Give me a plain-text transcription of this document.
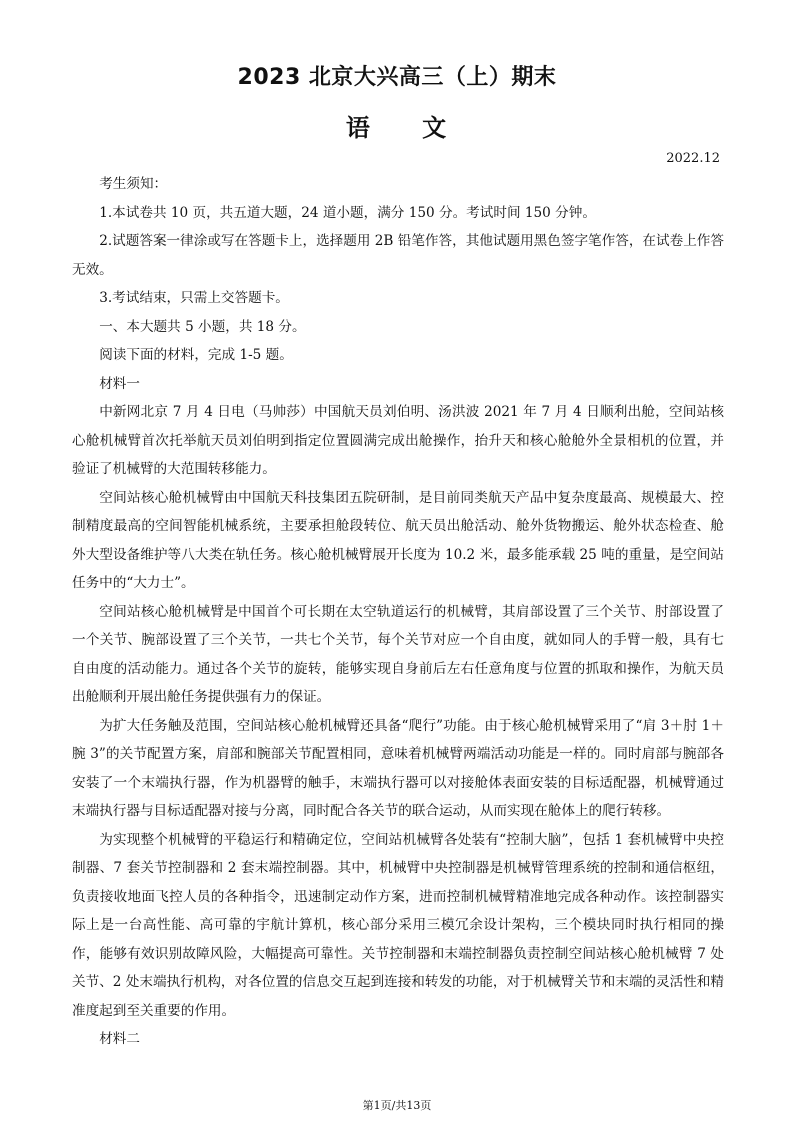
2023 北京大兴高三（上）期末
语 文
2022.12

考生须知：

1.本试卷共 10 页，共五道大题，24 道小题，满分 150 分。考试时间 150 分钟。

2.试题答案一律涂或写在答题卡上，选择题用 2B 铅笔作答，其他试题用黑色签字笔作答，在试卷上作答无效。

3.考试结束，只需上交答题卡。

一、本大题共 5 小题，共 18 分。

阅读下面的材料，完成 1-5 题。

材料一

中新网北京 7 月 4 日电（马帅莎）中国航天员刘伯明、汤洪波 2021 年 7 月 4 日顺利出舱，空间站核心舱机械臂首次托举航天员刘伯明到指定位置圆满完成出舱操作，抬升天和核心舱舱外全景相机的位置，并验证了机械臂的大范围转移能力。

空间站核心舱机械臂由中国航天科技集团五院研制，是目前同类航天产品中复杂度最高、规模最大、控制精度最高的空间智能机械系统，主要承担舱段转位、航天员出舱活动、舱外货物搬运、舱外状态检查、舱外大型设备维护等八大类在轨任务。核心舱机械臂展开长度为 10.2 米，最多能承载 25 吨的重量，是空间站任务中的“大力士”。

空间站核心舱机械臂是中国首个可长期在太空轨道运行的机械臂，其肩部设置了三个关节、肘部设置了一个关节、腕部设置了三个关节，一共七个关节，每个关节对应一个自由度，就如同人的手臂一般，具有七自由度的活动能力。通过各个关节的旋转，能够实现自身前后左右任意角度与位置的抓取和操作，为航天员出舱顺利开展出舱任务提供强有力的保证。

为扩大任务触及范围，空间站核心舱机械臂还具备“爬行”功能。由于核心舱机械臂采用了“肩 3＋肘 1＋腕 3”的关节配置方案，肩部和腕部关节配置相同，意味着机械臂两端活动功能是一样的。同时肩部与腕部各安装了一个末端执行器，作为机器臂的触手，末端执行器可以对接舱体表面安装的目标适配器，机械臂通过末端执行器与目标适配器对接与分离，同时配合各关节的联合运动，从而实现在舱体上的爬行转移。

为实现整个机械臂的平稳运行和精确定位，空间站机械臂各处装有“控制大脑”，包括 1 套机械臂中央控制器、7 套关节控制器和 2 套末端控制器。其中，机械臂中央控制器是机械臂管理系统的控制和通信枢纽，负责接收地面飞控人员的各种指令，迅速制定动作方案，进而控制机械臂精准地完成各种动作。该控制器实际上是一台高性能、高可靠的宇航计算机，核心部分采用三模冗余设计架构，三个模块同时执行相同的操作，能够有效识别故障风险，大幅提高可靠性。关节控制器和末端控制器负责控制空间站核心舱机械臂 7 处关节、2 处末端执行机构，对各位置的信息交互起到连接和转发的功能，对于机械臂关节和末端的灵活性和精准度起到至关重要的作用。

材料二

第1页/共13页
